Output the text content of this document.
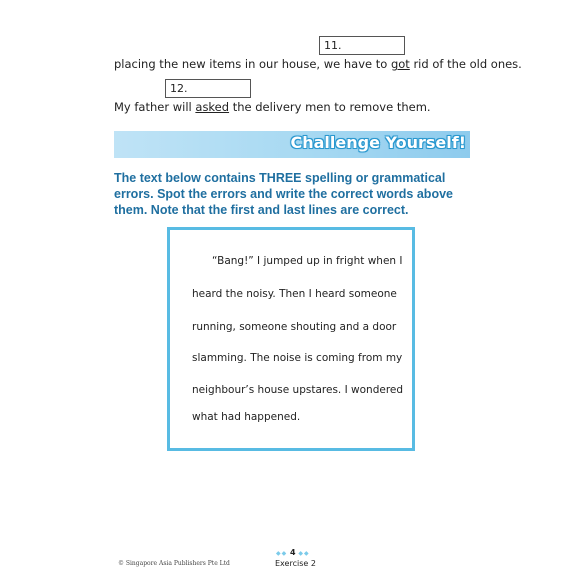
11.
placing the new items in our house, we have to got rid of the old ones.
12.
My father will asked the delivery men to remove them.
Challenge Yourself!
The text below contains THREE spelling or grammatical errors. Spot the errors and write the correct words above them. Note that the first and last lines are correct.
“Bang!” I jumped up in fright when I
heard the noisy. Then I heard someone
running, someone shouting and a door
slamming. The noise is coming from my
neighbour’s house upstares. I wondered
what had happened.
© Singapore Asia Publishers Pte Ltd
◆◆ 4 ◆◆
Exercise 2
